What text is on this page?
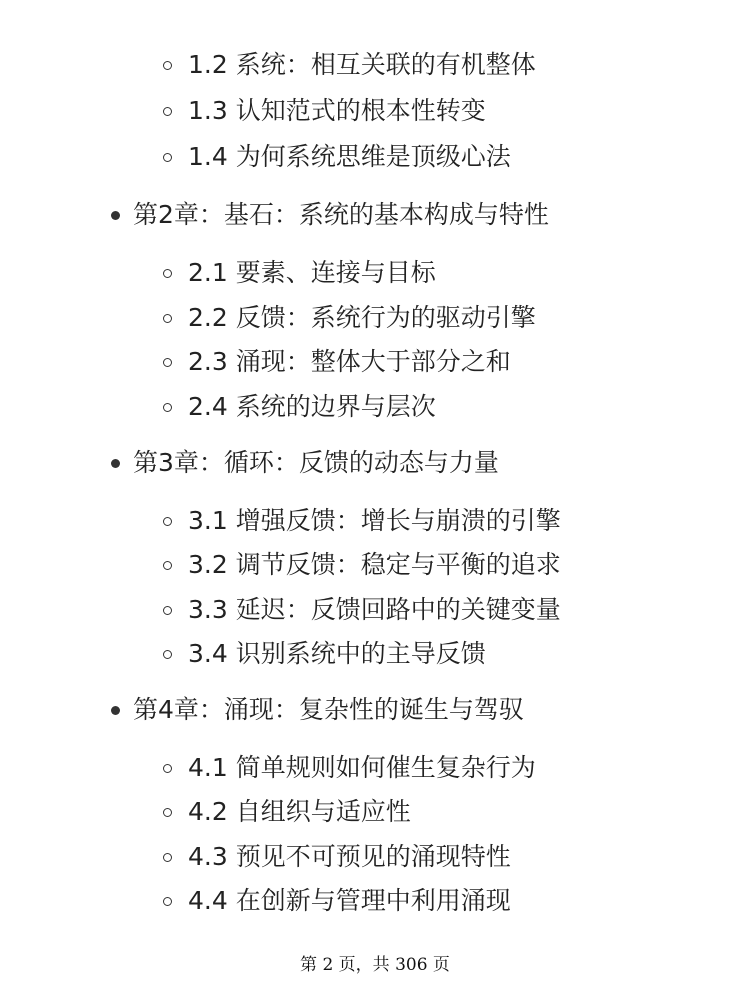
1.2 系统：相互关联的有机整体
1.3 认知范式的根本性转变
1.4 为何系统思维是顶级心法
第2章：基石：系统的基本构成与特性
2.1 要素、连接与目标
2.2 反馈：系统行为的驱动引擎
2.3 涌现：整体大于部分之和
2.4 系统的边界与层次
第3章：循环：反馈的动态与力量
3.1 增强反馈：增长与崩溃的引擎
3.2 调节反馈：稳定与平衡的追求
3.3 延迟：反馈回路中的关键变量
3.4 识别系统中的主导反馈
第4章：涌现：复杂性的诞生与驾驭
4.1 简单规则如何催生复杂行为
4.2 自组织与适应性
4.3 预见不可预见的涌现特性
4.4 在创新与管理中利用涌现
第 2 页，共 306 页
